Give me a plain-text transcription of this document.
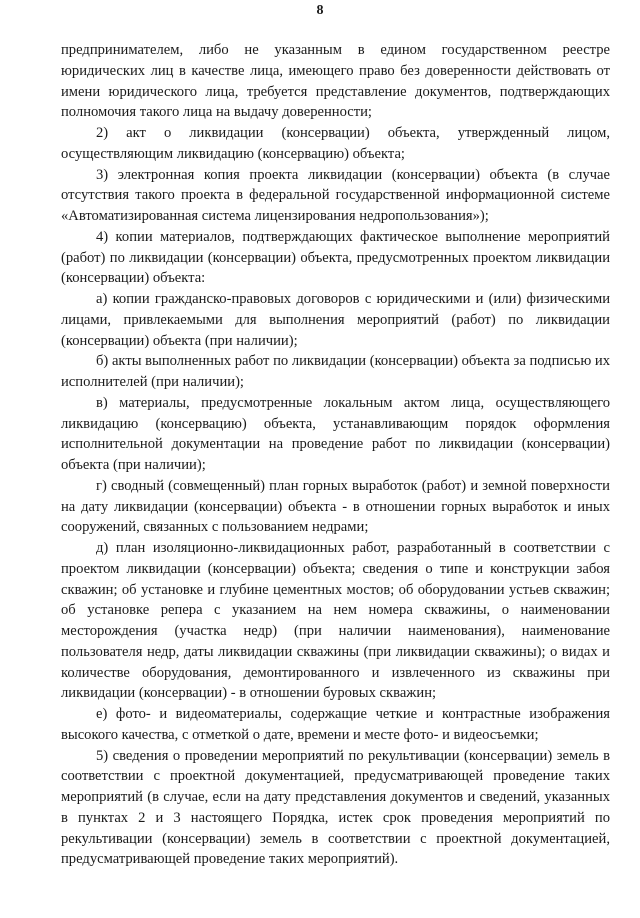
8

предпринимателем, либо не указанным в едином государственном реестре юридических лиц в качестве лица, имеющего право без доверенности действовать от имени юридического лица, требуется представление документов, подтверждающих полномочия такого лица на выдачу доверенности;

2) акт о ликвидации (консервации) объекта, утвержденный лицом, осуществляющим ликвидацию (консервацию) объекта;

3) электронная копия проекта ликвидации (консервации) объекта (в случае отсутствия такого проекта в федеральной государственной информационной системе «Автоматизированная система лицензирования недропользования»);

4) копии материалов, подтверждающих фактическое выполнение мероприятий (работ) по ликвидации (консервации) объекта, предусмотренных проектом ликвидации (консервации) объекта:

а) копии гражданско-правовых договоров с юридическими и (или) физическими лицами, привлекаемыми для выполнения мероприятий (работ) по ликвидации (консервации) объекта (при наличии);

б) акты выполненных работ по ликвидации (консервации) объекта за подписью их исполнителей (при наличии);

в) материалы, предусмотренные локальным актом лица, осуществляющего ликвидацию (консервацию) объекта, устанавливающим порядок оформления исполнительной документации на проведение работ по ликвидации (консервации) объекта (при наличии);

г) сводный (совмещенный) план горных выработок (работ) и земной поверхности на дату ликвидации (консервации) объекта - в отношении горных выработок и иных сооружений, связанных с пользованием недрами;

д) план изоляционно-ликвидационных работ, разработанный в соответствии с проектом ликвидации (консервации) объекта; сведения о типе и конструкции забоя скважин; об установке и глубине цементных мостов; об оборудовании устьев скважин; об установке репера с указанием на нем номера скважины, о наименовании месторождения (участка недр) (при наличии наименования), наименование пользователя недр, даты ликвидации скважины (при ликвидации скважины); о видах и количестве оборудования, демонтированного и извлеченного из скважины при ликвидации (консервации) - в отношении буровых скважин;

е) фото- и видеоматериалы, содержащие четкие и контрастные изображения высокого качества, с отметкой о дате, времени и месте фото- и видеосъемки;

5) сведения о проведении мероприятий по рекультивации (консервации) земель в соответствии с проектной документацией, предусматривающей проведение таких мероприятий (в случае, если на дату представления документов и сведений, указанных в пунктах 2 и 3 настоящего Порядка, истек срок проведения мероприятий по рекультивации (консервации) земель в соответствии с проектной документацией, предусматривающей проведение таких мероприятий).
